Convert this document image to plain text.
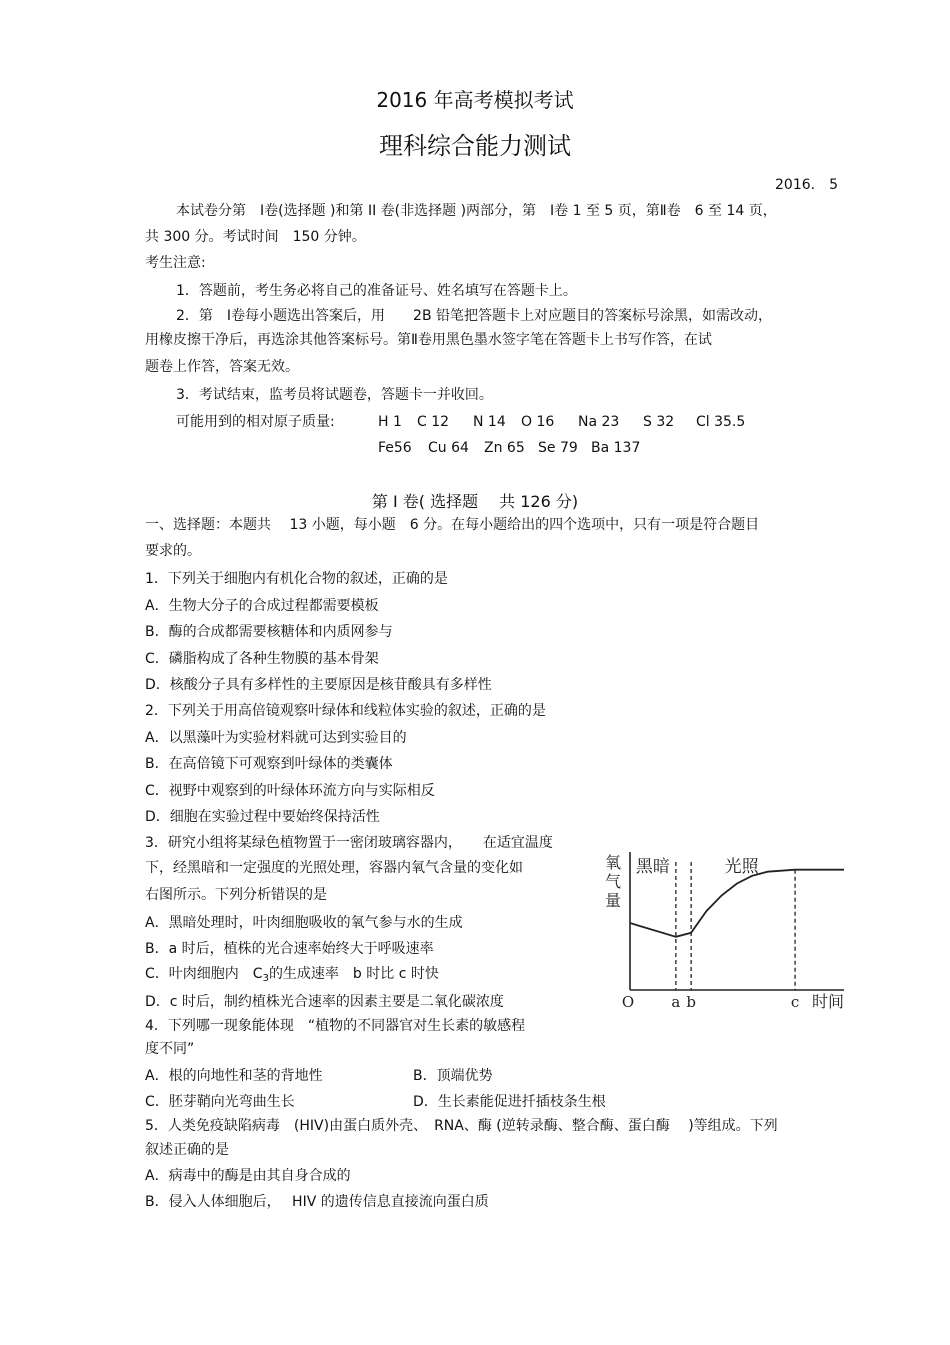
2016 年高考模拟考试
理科综合能力测试
2016． 5
本试卷分第　Ⅰ卷(选择题 )和第 II 卷(非选择题 )两部分，第　Ⅰ卷 1 至 5 页，第Ⅱ卷　6 至 14 页，
共 300 分。考试时间　150 分钟。
考生注意:
1．答题前，考生务必将自己的准备证号、姓名填写在答题卡上。
2．第　Ⅰ卷每小题选出答案后，用　　2B 铅笔把答题卡上对应题目的答案标号涂黑，如需改动，
用橡皮擦干净后，再选涂其他答案标号。第Ⅱ卷用黑色墨水签字笔在答题卡上书写作答，在试
题卷上作答，答案无效。
3．考试结束，监考员将试题卷，答题卡一并收回。
可能用到的相对原子质量:	H 1 C 12 N 14 O 16 Na 23 S 32 Cl 35.5
Fe56 Cu 64 Zn 65 Se 79 Ba 137
第 Ⅰ 卷( 选择题　 共 126 分)
一、选择题：本题共　 13 小题，每小题　6 分。在每小题给出的四个选项中，只有一项是符合题目
要求的。
1．下列关于细胞内有机化合物的叙述，正确的是
A．生物大分子的合成过程都需要模板
B．酶的合成都需要核糖体和内质网参与
C．磷脂构成了各种生物膜的基本骨架
D．核酸分子具有多样性的主要原因是核苷酸具有多样性
2．下列关于用高倍镜观察叶绿体和线粒体实验的叙述，正确的是
A．以黑藻叶为实验材料就可达到实验目的
B．在高倍镜下可观察到叶绿体的类囊体
C．视野中观察到的叶绿体环流方向与实际相反
D．细胞在实验过程中要始终保持活性
3．研究小组将某绿色植物置于一密闭玻璃容器内，　　在适宜温度
下，经黑暗和一定强度的光照处理，容器内氧气含量的变化如
右图所示。下列分析错误的是
A．黑暗处理时，叶肉细胞吸收的氧气参与水的生成
B．a 时后，植株的光合速率始终大于呼吸速率
C．叶肉细胞内　$C_3$的生成速率　b 时比 c 时快
D．c 时后，制约植株光合速率的因素主要是二氧化碳浓度	a b	c
氧
气
量
黑暗	光照
O	时间
4．下列哪一现象能体现　“植物的不同器官对生长素的敏感程
度不同”
A．根的向地性和茎的背地性	B．顶端优势
C．胚芽鞘向光弯曲生长	D．生长素能促进扦插枝条生根
5．人类免疫缺陷病毒　(HIV)由蛋白质外壳、　RNA、酶 (逆转录酶、整合酶、蛋白酶　 )等组成。下列
叙述正确的是
A．病毒中的酶是由其自身合成的
B．侵入人体细胞后，　 HIV 的遗传信息直接流向蛋白质
